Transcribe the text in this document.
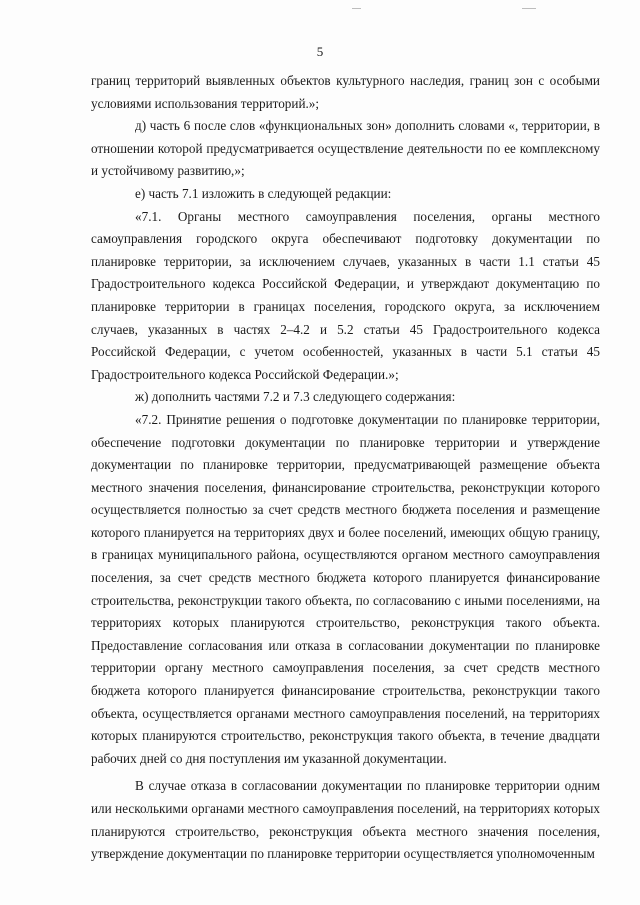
5

границ территорий выявленных объектов культурного наследия, границ зон с особыми условиями использования территорий.»;

д) часть 6 после слов «функциональных зон» дополнить словами «, территории, в отношении которой предусматривается осуществление деятельности по ее комплексному и устойчивому развитию,»;

е) часть 7.1 изложить в следующей редакции:

«7.1. Органы местного самоуправления поселения, органы местного самоуправления городского округа обеспечивают подготовку документации по планировке территории, за исключением случаев, указанных в части 1.1 статьи 45 Градостроительного кодекса Российской Федерации, и утверждают документацию по планировке территории в границах поселения, городского округа, за исключением случаев, указанных в частях 2–4.2 и 5.2 статьи 45 Градостроительного кодекса Российской Федерации, с учетом особенностей, указанных в части 5.1 статьи 45 Градостроительного кодекса Российской Федерации.»;

ж) дополнить частями 7.2 и 7.3 следующего содержания:

«7.2. Принятие решения о подготовке документации по планировке территории, обеспечение подготовки документации по планировке территории и утверждение документации по планировке территории, предусматривающей размещение объекта местного значения поселения, финансирование строительства, реконструкции которого осуществляется полностью за счет средств местного бюджета поселения и размещение которого планируется на территориях двух и более поселений, имеющих общую границу, в границах муниципального района, осуществляются органом местного самоуправления поселения, за счет средств местного бюджета которого планируется финансирование строительства, реконструкции такого объекта, по согласованию с иными поселениями, на территориях которых планируются строительство, реконструкция такого объекта. Предоставление согласования или отказа в согласовании документации по планировке территории органу местного самоуправления поселения, за счет средств местного бюджета которого планируется финансирование строительства, реконструкции такого объекта, осуществляется органами местного самоуправления поселений, на территориях которых планируются строительство, реконструкция такого объекта, в течение двадцати рабочих дней со дня поступления им указанной документации.

В случае отказа в согласовании документации по планировке территории одним или несколькими органами местного самоуправления поселений, на территориях которых планируются строительство, реконструкция объекта местного значения поселения, утверждение документации по планировке территории осуществляется уполномоченным
